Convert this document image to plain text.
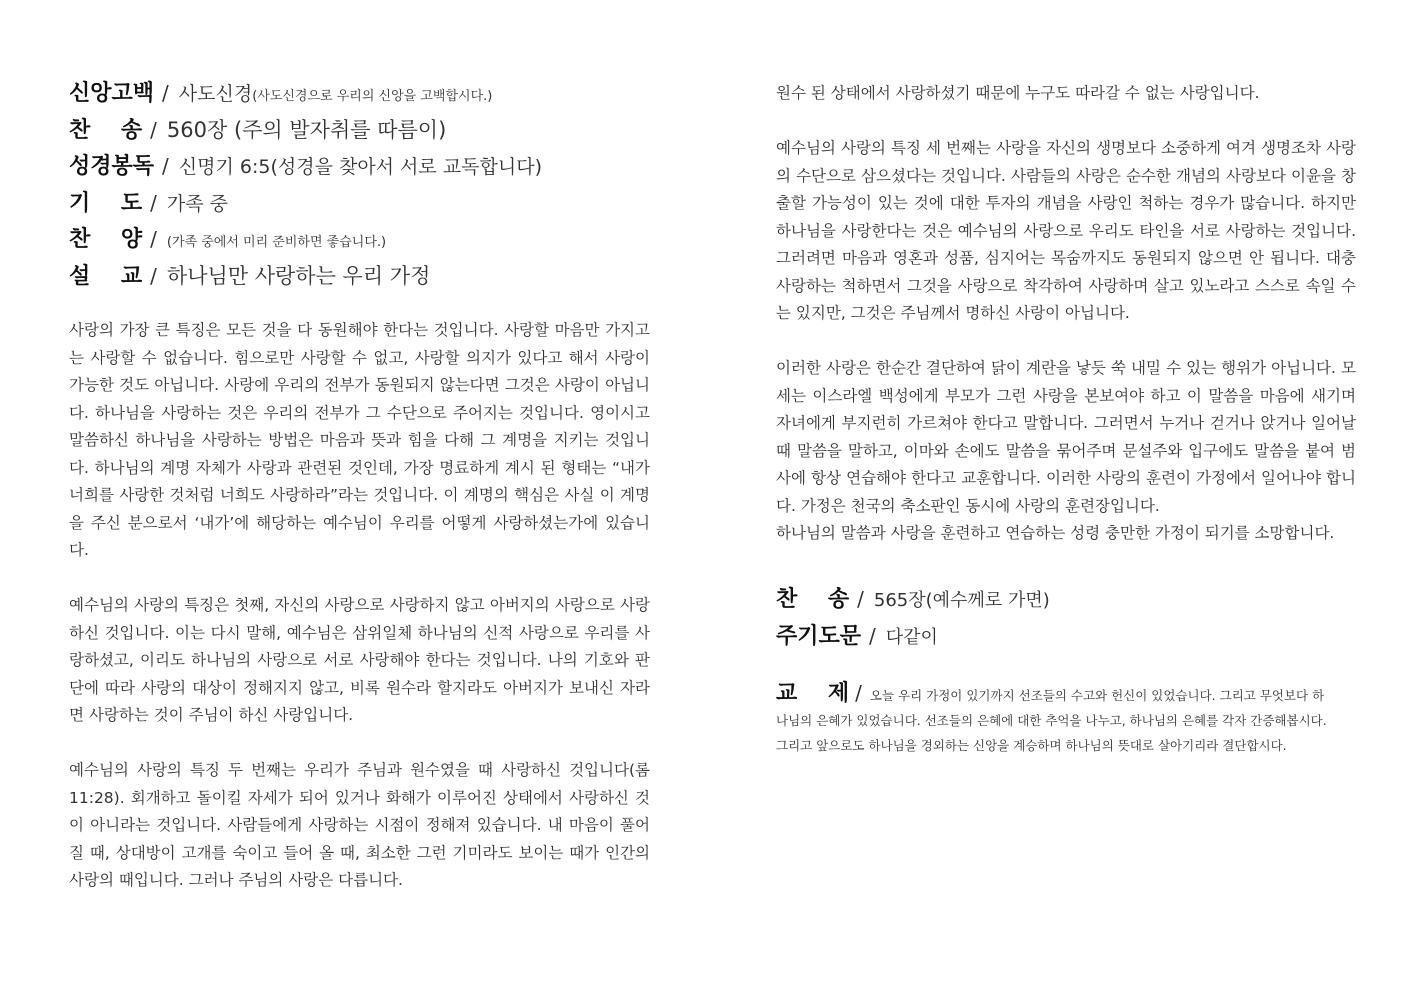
신앙고백 / 사도신경(사도신경으로 우리의 신앙을 고백합시다.)
찬    송 / 560장 (주의 발자취를 따름이)
성경봉독 / 신명기 6:5(성경을 찾아서 서로 교독합니다)
기    도 / 가족 중
찬    양 / (가족 중에서 미리 준비하면 좋습니다.)
설    교 / 하나님만 사랑하는 우리 가정

사랑의 가장 큰 특징은 모든 것을 다 동원해야 한다는 것입니다. 사랑할 마음만 가지고는 사랑할 수 없습니다. 힘으로만 사랑할 수 없고, 사랑할 의지가 있다고 해서 사랑이 가능한 것도 아닙니다. 사랑에 우리의 전부가 동원되지 않는다면 그것은 사랑이 아닙니다. 하나님을 사랑하는 것은 우리의 전부가 그 수단으로 주어지는 것입니다. 영이시고 말씀하신 하나님을 사랑하는 방법은 마음과 뜻과 힘을 다해 그 계명을 지키는 것입니다. 하나님의 계명 자체가 사랑과 관련된 것인데, 가장 명료하게 계시 된 형태는 “내가 너희를 사랑한 것처럼 너희도 사랑하라”라는 것입니다. 이 계명의 핵심은 사실 이 계명을 주신 분으로서 ‘내가’에 해당하는 예수님이 우리를 어떻게 사랑하셨는가에 있습니다.

예수님의 사랑의 특징은 첫째, 자신의 사랑으로 사랑하지 않고 아버지의 사랑으로 사랑하신 것입니다. 이는 다시 말해, 예수님은 삼위일체 하나님의 신적 사랑으로 우리를 사랑하셨고, 이리도 하나님의 사랑으로 서로 사랑해야 한다는 것입니다. 나의 기호와 판단에 따라 사랑의 대상이 정해지지 않고, 비록 원수라 할지라도 아버지가 보내신 자라면 사랑하는 것이 주님이 하신 사랑입니다.

예수님의 사랑의 특징 두 번째는 우리가 주님과 원수였을 때 사랑하신 것입니다(롬 11:28). 회개하고 돌이킬 자세가 되어 있거나 화해가 이루어진 상태에서 사랑하신 것이 아니라는 것입니다. 사람들에게 사랑하는 시점이 정해져 있습니다. 내 마음이 풀어질 때, 상대방이 고개를 숙이고 들어 올 때, 최소한 그런 기미라도 보이는 때가 인간의 사랑의 때입니다. 그러나 주님의 사랑은 다릅니다.

원수 된 상태에서 사랑하셨기 때문에 누구도 따라갈 수 없는 사랑입니다.

예수님의 사랑의 특징 세 번째는 사랑을 자신의 생명보다 소중하게 여겨 생명조차 사랑의 수단으로 삼으셨다는 것입니다. 사람들의 사랑은 순수한 개념의 사랑보다 이윤을 창출할 가능성이 있는 것에 대한 투자의 개념을 사랑인 척하는 경우가 많습니다. 하지만 하나님을 사랑한다는 것은 예수님의 사랑으로 우리도 타인을 서로 사랑하는 것입니다. 그러려면 마음과 영혼과 성품, 심지어는 목숨까지도 동원되지 않으면 안 됩니다. 대충 사랑하는 척하면서 그것을 사랑으로 착각하여 사랑하며 살고 있노라고 스스로 속일 수는 있지만, 그것은 주님께서 명하신 사랑이 아닙니다.

이러한 사랑은 한순간 결단하여 닭이 계란을 낳듯 쑥 내밀 수 있는 행위가 아닙니다. 모세는 이스라엘 백성에게 부모가 그런 사랑을 본보여야 하고 이 말씀을 마음에 새기며 자녀에게 부지런히 가르쳐야 한다고 말합니다. 그러면서 누거나 걷거나 앉거나 일어날 때 말씀을 말하고, 이마와 손에도 말씀을 묶어주며 문설주와 입구에도 말씀을 붙여 범사에 항상 연습해야 한다고 교훈합니다. 이러한 사랑의 훈련이 가정에서 일어나야 합니다. 가정은 천국의 축소판인 동시에 사랑의 훈련장입니다.

하나님의 말씀과 사랑을 훈련하고 연습하는 성령 충만한 가정이 되기를 소망합니다.

찬    송 / 565장(예수께로 가면)
주기도문 / 다같이
교    제 / 오늘 우리 가정이 있기까지 선조들의 수고와 헌신이 있었습니다. 그리고 무엇보다 하나님의 은혜가 있었습니다. 선조들의 은혜에 대한 추억을 나누고, 하나님의 은혜를 각자 간증해봅시다. 그리고 앞으로도 하나님을 경외하는 신앙을 계승하며 하나님의 뜻대로 살아기리라 결단합시다.
